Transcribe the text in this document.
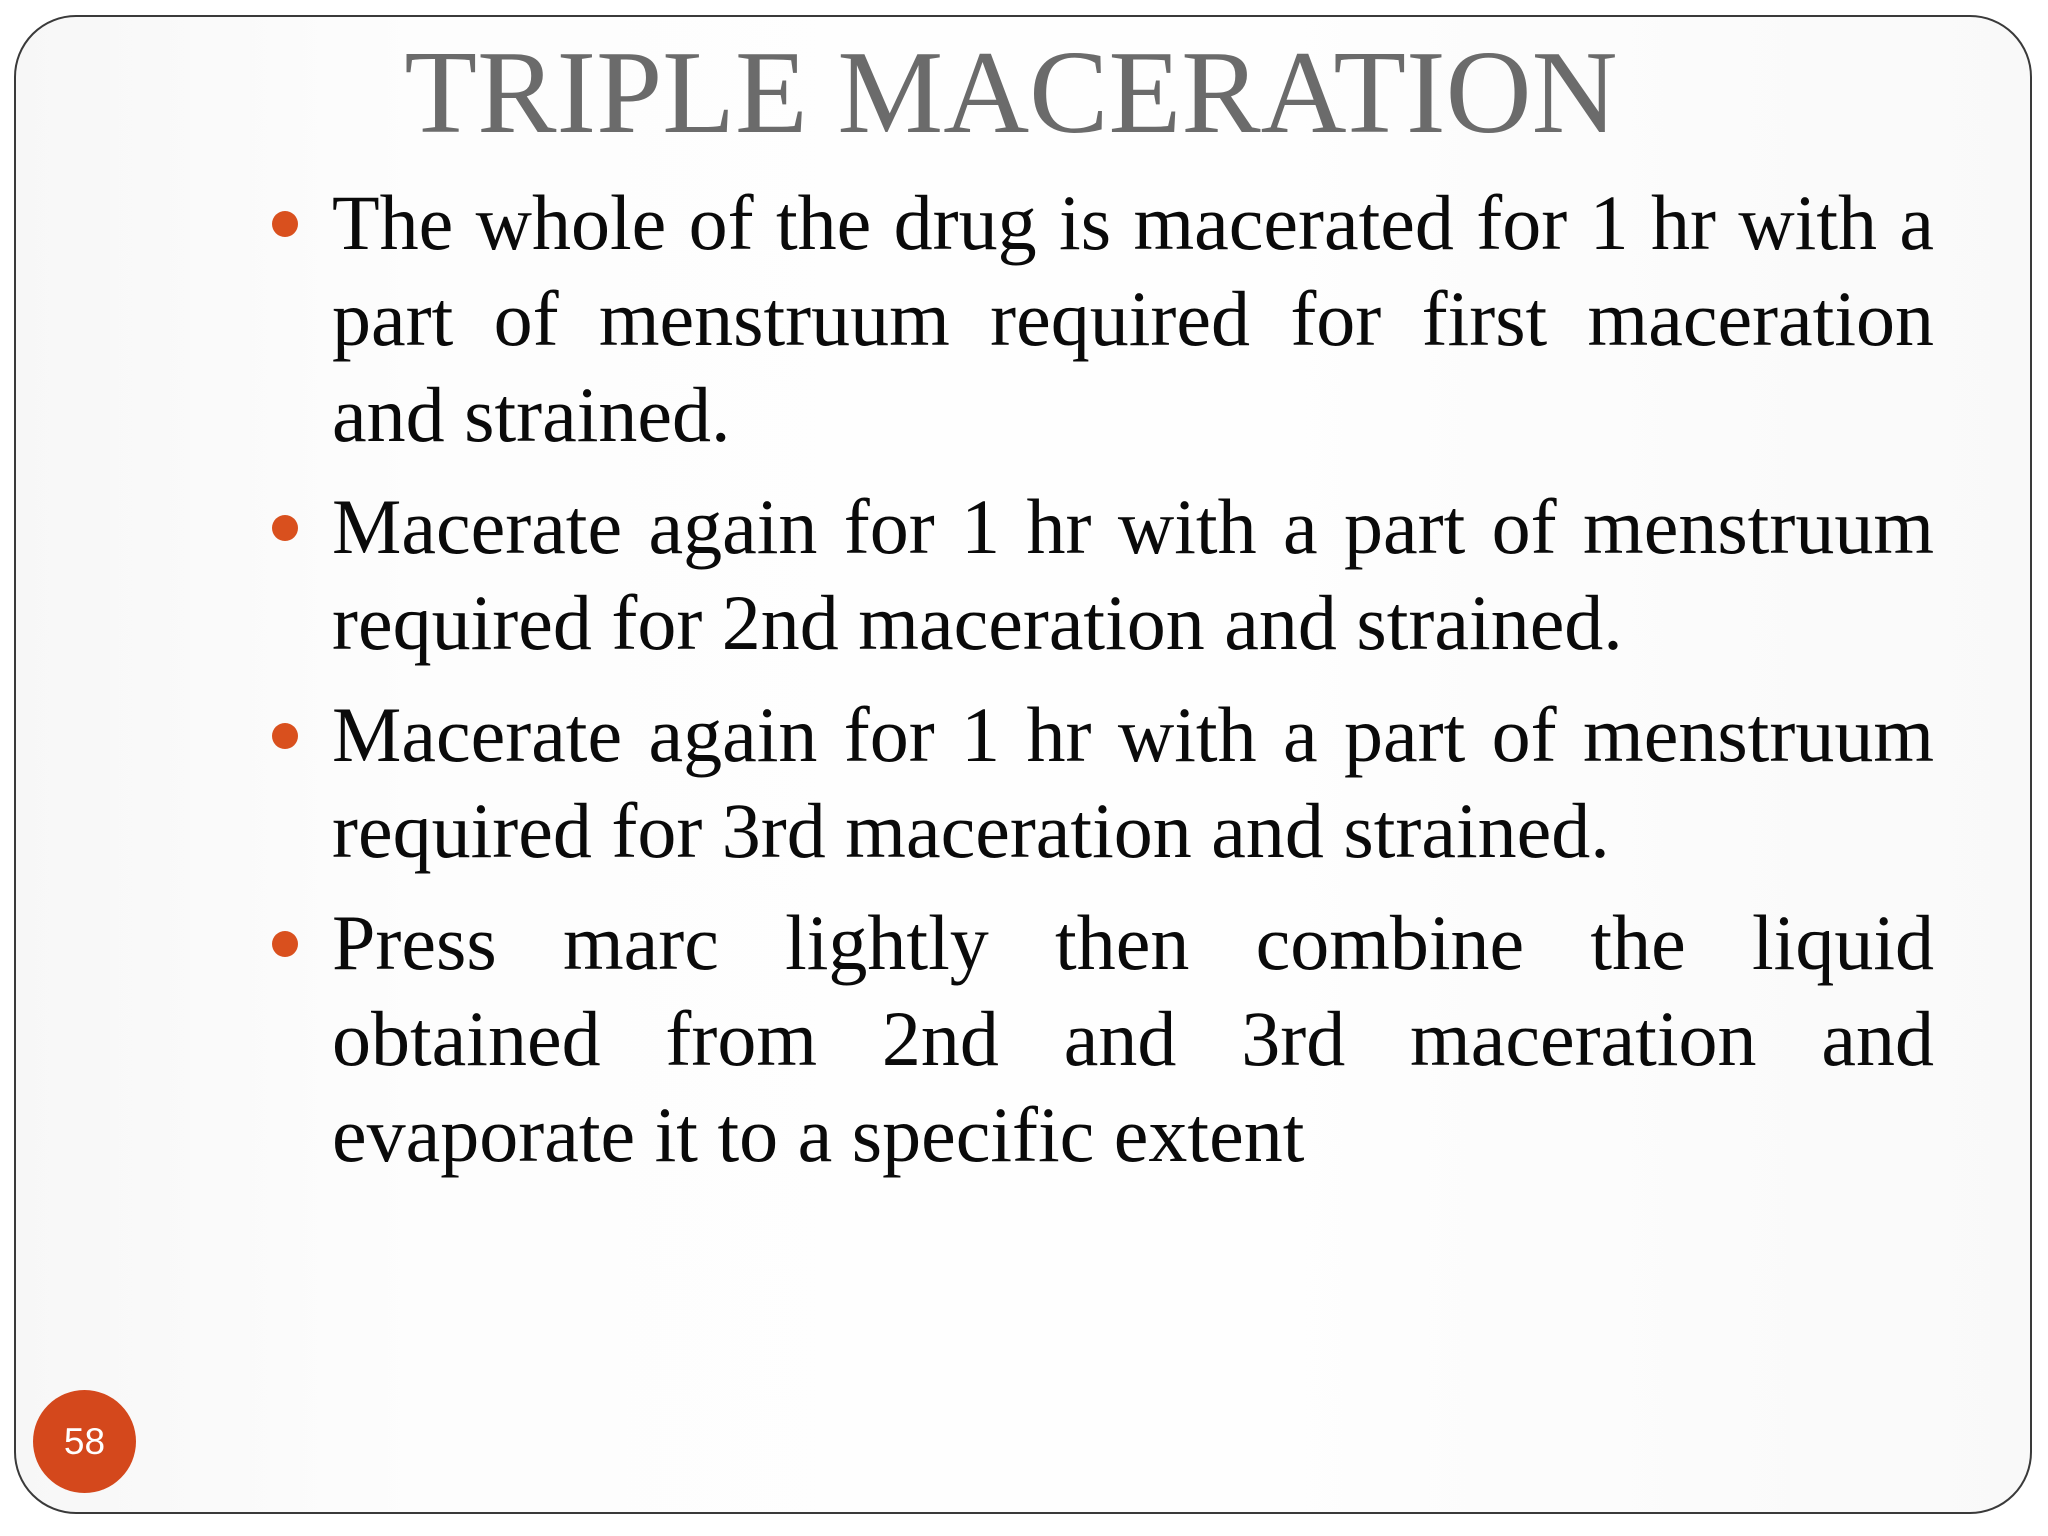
TRIPLE MACERATION
The whole of the drug is macerated for 1 hr with a part of menstruum required for first maceration and strained.
Macerate again for 1 hr with a part of menstruum required for 2nd maceration and strained.
Macerate again for 1 hr with a part of menstruum required for 3rd maceration and strained.
Press marc lightly then combine the liquid obtained from 2nd and 3rd maceration and evaporate it to a specific extent
58
